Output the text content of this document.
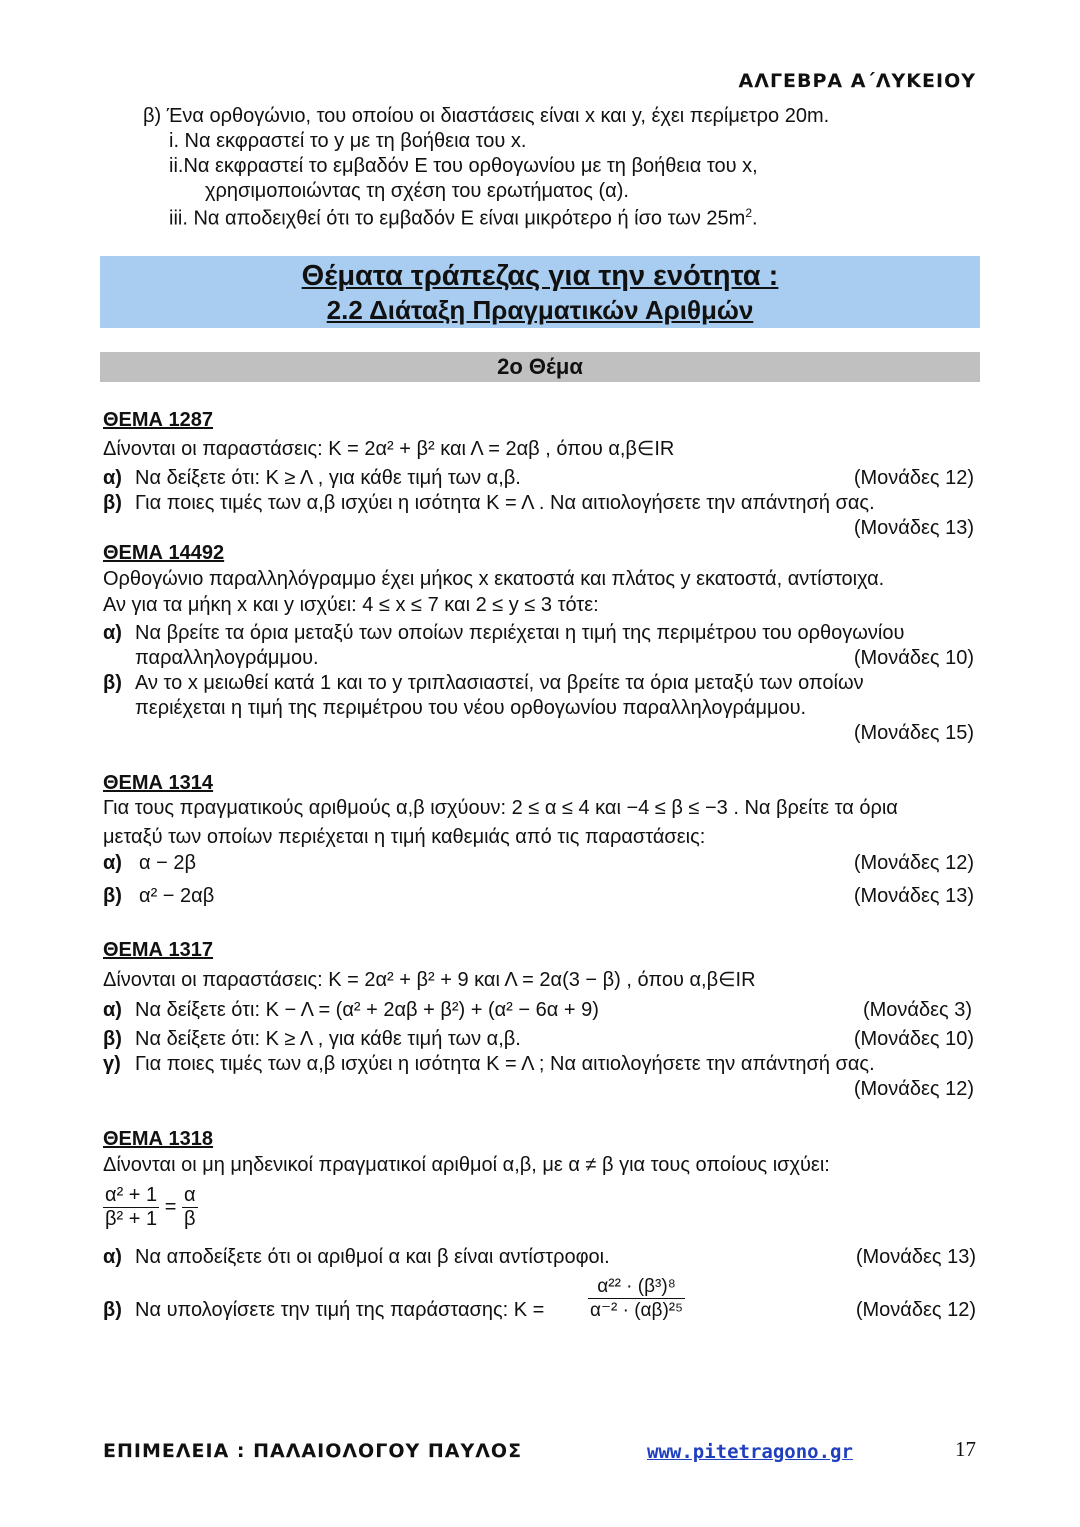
ΑΛΓΕΒΡΑ Α΄ΛΥΚΕΙΟΥ
β) Ένα ορθογώνιο, του οποίου οι διαστάσεις είναι x και y, έχει περίμετρο 20m.
i. Να εκφραστεί το y με τη βοήθεια του x.
ii.Να εκφραστεί το εμβαδόν Ε του ορθογωνίου με τη βοήθεια του x,
χρησιμοποιώντας τη σχέση του ερωτήματος (α).
iii. Να αποδειχθεί ότι το εμβαδόν Ε είναι μικρότερο ή ίσο των $25m^2$.
Θέματα τράπεζας για την ενότητα :
2.2 Διάταξη Πραγματικών Αριθμών
2ο Θέμα
ΘΕΜΑ 1287
Δίνονται οι παραστάσεις: Κ = 2α² + β² και Λ = 2αβ , όπου α,β∈IR
α) Να δείξετε ότι: Κ ≥ Λ , για κάθε τιμή των α,β.	(Μονάδες 12)
β) Για ποιες τιμές των α,β ισχύει η ισότητα Κ = Λ . Να αιτιολογήσετε την απάντησή σας.
(Μονάδες 13)
ΘΕΜΑ 14492
Ορθογώνιο παραλληλόγραμμο έχει μήκος x εκατοστά και πλάτος y εκατοστά, αντίστοιχα.
Αν για τα μήκη x και y ισχύει: 4 ≤ x ≤ 7 και 2 ≤ y ≤ 3 τότε:
α) Να βρείτε τα όρια μεταξύ των οποίων περιέχεται η τιμή της περιμέτρου του ορθογωνίου
παραλληλογράμμου.	(Μονάδες 10)
β) Αν το x μειωθεί κατά 1 και το y τριπλασιαστεί, να βρείτε τα όρια μεταξύ των οποίων
περιέχεται η τιμή της περιμέτρου του νέου ορθογωνίου παραλληλογράμμου.
(Μονάδες 15)
ΘΕΜΑ 1314
Για τους πραγματικούς αριθμούς α,β ισχύουν: 2 ≤ α ≤ 4 και −4 ≤ β ≤ −3 . Να βρείτε τα όρια
μεταξύ των οποίων περιέχεται η τιμή καθεμιάς από τις παραστάσεις:
α) α − 2β	(Μονάδες 12)
β) α² − 2αβ	(Μονάδες 13)
ΘΕΜΑ 1317
Δίνονται οι παραστάσεις: Κ = 2α² + β² + 9 και Λ = 2α(3 − β) , όπου α,β∈IR
α) Να δείξετε ότι: Κ − Λ = (α² + 2αβ + β²) + (α² − 6α + 9)	(Μονάδες 3)
β) Να δείξετε ότι: Κ ≥ Λ , για κάθε τιμή των α,β.	(Μονάδες 10)
γ) Για ποιες τιμές των α,β ισχύει η ισότητα Κ = Λ ; Να αιτιολογήσετε την απάντησή σας.
(Μονάδες 12)
ΘΕΜΑ 1318
Δίνονται οι μη μηδενικοί πραγματικοί αριθμοί α,β, με α ≠ β για τους οποίους ισχύει:
$\frac{\text{α² + 1}}{\text{β² + 1}} = \frac{\alpha}{\beta}$
α) Να αποδείξετε ότι οι αριθμοί α και β είναι αντίστροφοι.	(Μονάδες 13)
β) Να υπολογίσετε την τιμή της παράστασης: $K = \frac{\text{α²² · (β³)⁸}}{\text{α⁻² · (αβ)²⁵}}$	(Μονάδες 12)
ΕΠΙΜΕΛΕΙΑ : ΠΑΛΑΙΟΛΟΓΟΥ ΠΑΥΛΟΣ	www.pitetragono.gr	17
